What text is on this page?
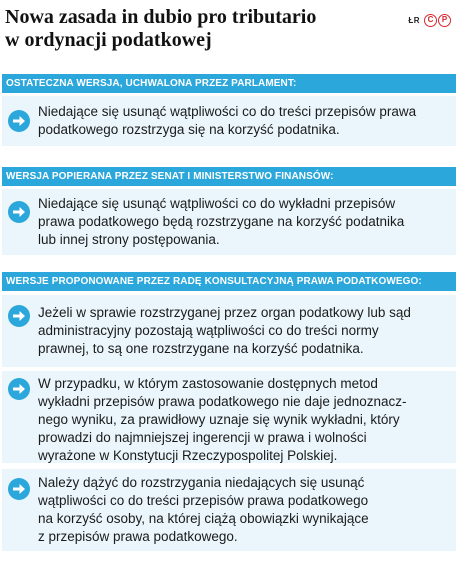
Nowa zasada in dubio pro tributario
w ordynacji podatkowej
ŁR C	P
OSTATECZNA WERSJA, UCHWALONA PRZEZ PARLAMENT:
Niedające się usunąć wątpliwości co do treści przepisów prawa
podatkowego rozstrzyga się na korzyść podatnika.
WERSJA POPIERANA PRZEZ SENAT I MINISTERSTWO FINANSÓW:
Niedające się usunąć wątpliwości co do wykładni przepisów
prawa podatkowego będą rozstrzygane na korzyść podatnika
lub innej strony postępowania.
WERSJE PROPONOWANE PRZEZ RADĘ KONSULTACYJNĄ PRAWA PODATKOWEGO:
Jeżeli w sprawie rozstrzyganej przez organ podatkowy lub sąd
administracyjny pozostają wątpliwości co do treści normy
prawnej, to są one rozstrzygane na korzyść podatnika.
W przypadku, w którym zastosowanie dostępnych metod
wykładni przepisów prawa podatkowego nie daje jednoznacz-
nego wyniku, za prawidłowy uznaje się wynik wykładni, który
prowadzi do najmniejszej ingerencji w prawa i wolności
wyrażone w Konstytucji Rzeczypospolitej Polskiej.
Należy dążyć do rozstrzygania niedających się usunąć
wątpliwości co do treści przepisów prawa podatkowego
na korzyść osoby, na której ciążą obowiązki wynikające
z przepisów prawa podatkowego.
